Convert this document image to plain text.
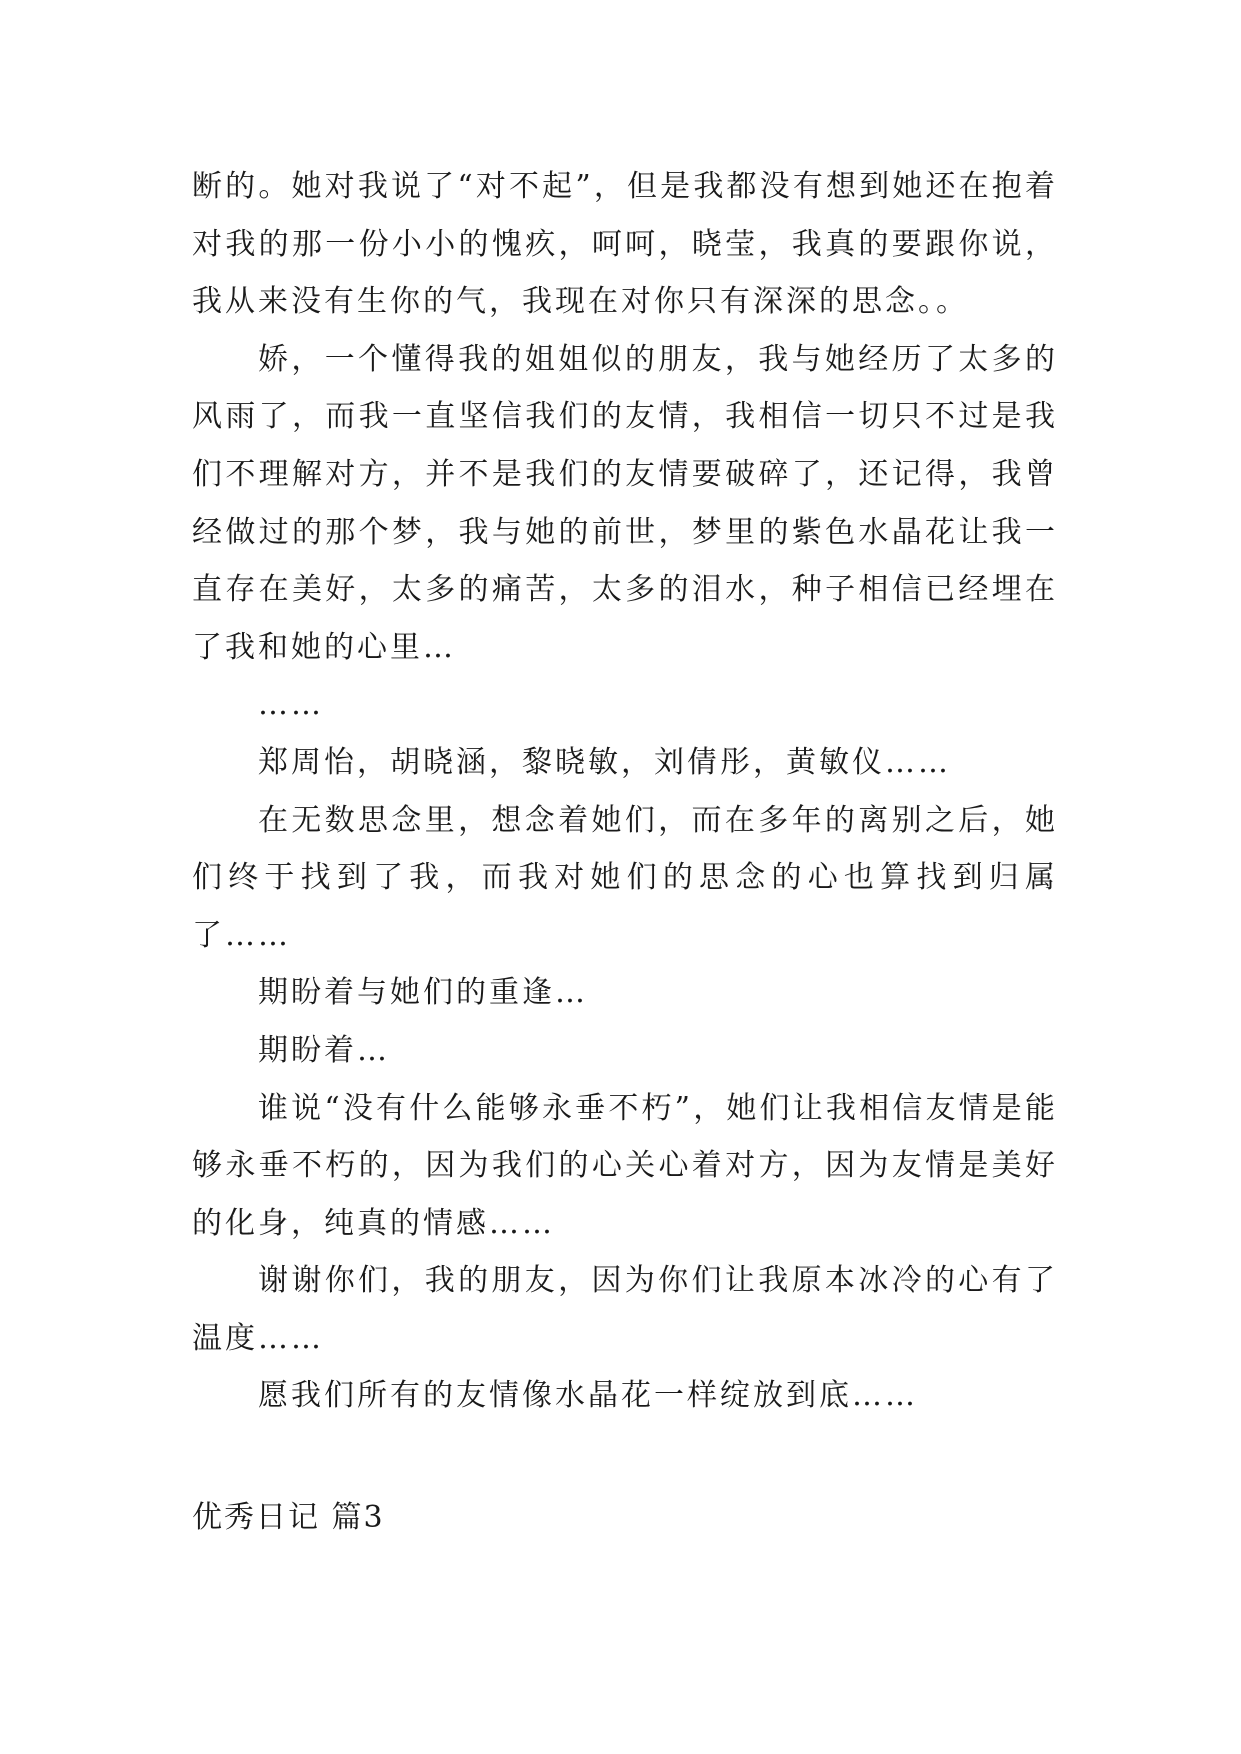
断的。她对我说了“对不起”，但是我都没有想到她还在抱着对我的那一份小小的愧疚，呵呵，晓莹，我真的要跟你说，我从来没有生你的气，我现在对你只有深深的思念。。

娇，一个懂得我的姐姐似的朋友，我与她经历了太多的风雨了，而我一直坚信我们的友情，我相信一切只不过是我们不理解对方，并不是我们的友情要破碎了，还记得，我曾经做过的那个梦，我与她的前世，梦里的紫色水晶花让我一直存在美好，太多的痛苦，太多的泪水，种子相信已经埋在了我和她的心里…

……

郑周怡，胡晓涵，黎晓敏，刘倩彤，黄敏仪……

在无数思念里，想念着她们，而在多年的离别之后，她们终于找到了我，而我对她们的思念的心也算找到归属了……

期盼着与她们的重逢…

期盼着…

谁说“没有什么能够永垂不朽”，她们让我相信友情是能够永垂不朽的，因为我们的心关心着对方，因为友情是美好的化身，纯真的情感……

谢谢你们，我的朋友，因为你们让我原本冰冷的心有了温度……

愿我们所有的友情像水晶花一样绽放到底……

优秀日记 篇3
